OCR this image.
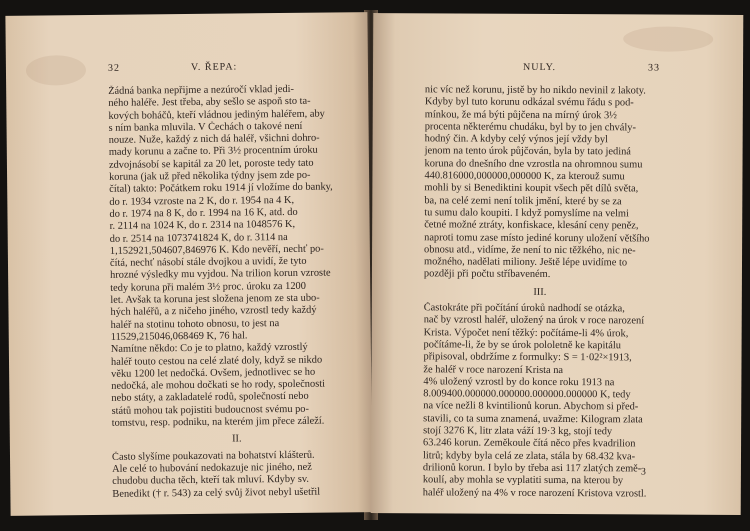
32	V. ŘEPA:
Žádná banka nepřijme a nezúročí vklad jedi-
ného haléře. Jest třeba, aby sešlo se aspoň sto ta-
kových boháčů, kteří vládnou jediným haléřem, aby
s ním banka mluvila. V Čechách o takové není
nouze. Nuže, každý z nich dá haléř, všichni dohro-
mady korunu a začne to. Při 3½ procentním úroku
zdvojnásobí se kapitál za 20 let, poroste tedy tato
koruna (jak už před několika týdny jsem zde po-
čítal) takto: Počátkem roku 1914 jí vložíme do banky,
do r. 1934 vzroste na 2 K, do r. 1954 na 4 K,
do r. 1974 na 8 K, do r. 1994 na 16 K, atd. do
r. 2114 na 1024 K, do r. 2314 na 1048576 K,
do r. 2514 na 1073741824 K, do r. 3114 na
1,152921,504607,846976 K. Kdo nevěří, nechť po-
čítá, nechť násobí stále dvojkou a uvidí, že tyto
hrozné výsledky mu vyjdou. Na trilion korun vzroste
tedy koruna při malém 3½ proc. úroku za 1200
let. Avšak ta koruna jest složena jenom ze sta ubo-
hých haléřů, a z ničeho jiného, vzrostl tedy každý
haléř na stotinu tohoto obnosu, to jest na
11529,215046,068469 K, 76 hal.
Namítne někdo: Co je to platno, každý vzrostlý
haléř touto cestou na celé zlaté doly, když se nikdo
věku 1200 let nedočká. Ovšem, jednotlivec se ho
nedočká, ale mohou dočkati se ho rody, společnosti
nebo státy, a zakladatelé rodů, společností nebo
států mohou tak pojistiti budoucnost svému po-
tomstvu, resp. podniku, na kterém jim přece záleží.
II.
Často slyšíme poukazovati na bohatství klášterů.
Ale celé to hubování nedokazuje nic jiného, než
chudobu ducha těch, kteří tak mluví. Kdyby sv.
Benedikt († r. 543) za celý svůj život nebyl ušetřil
NULY.	33
nic víc než korunu, jistě by ho nikdo nevinil z lakoty.
Kdyby byl tuto korunu odkázal svému řádu s pod-
mínkou, že má býti půjčena na mírný úrok 3½
procenta některému chudáku, byl by to jen chvály-
hodný čin. A kdyby celý výnos její vždy byl
jenom na tento úrok půjčován, byla by tato jediná
koruna do dnešního dne vzrostla na ohromnou sumu
440.816000,000000,000000 K, za kterouž sumu
mohli by si Benediktini koupit všech pět dílů světa,
ba, na celé zemi není tolik jmění, které by se za
tu sumu dalo koupiti. I když pomyslíme na velmi
četné možné ztráty, konfiskace, klesání ceny peněz,
naproti tomu zase místo jediné koruny uložení většího
obnosu atd., vidíme, že není to nic těžkého, nic ne-
možného, nadělati miliony. Ještě lépe uvidíme to
později při počtu stříbaveném.
III.
Častokráte při počítání úroků nadhodí se otázka,
nač by vzrostl haléř, uložený na úrok v roce narození
Krista. Výpočet není těžký: počítáme-li 4% úrok,
počítáme-li, že by se úrok pololetně ke kapitálu
připisoval, obdržíme z formulky: S = 1·02²×1913,
že haléř v roce narození Krista na
4% uložený vzrostl by do konce roku 1913 na
8.009400.000000.000000.000000.000000 K, tedy
na více nežli 8 kvintilionů korun. Abychom si před-
stavili, co ta suma znamená, uvažme: Kilogram zlata
stojí 3276 K, litr zlata váží 19·3 kg, stojí tedy
63.246 korun. Zeměkoule čítá něco přes kvadrilion
litrů; kdyby byla celá ze zlata, stála by 68.432 kva-
drilionů korun. I bylo by třeba asi 117 zlatých země-
koulí, aby mohla se vyplatiti suma, na kterou by
haléř uložený na 4% v roce narození Kristova vzrostl.
3
